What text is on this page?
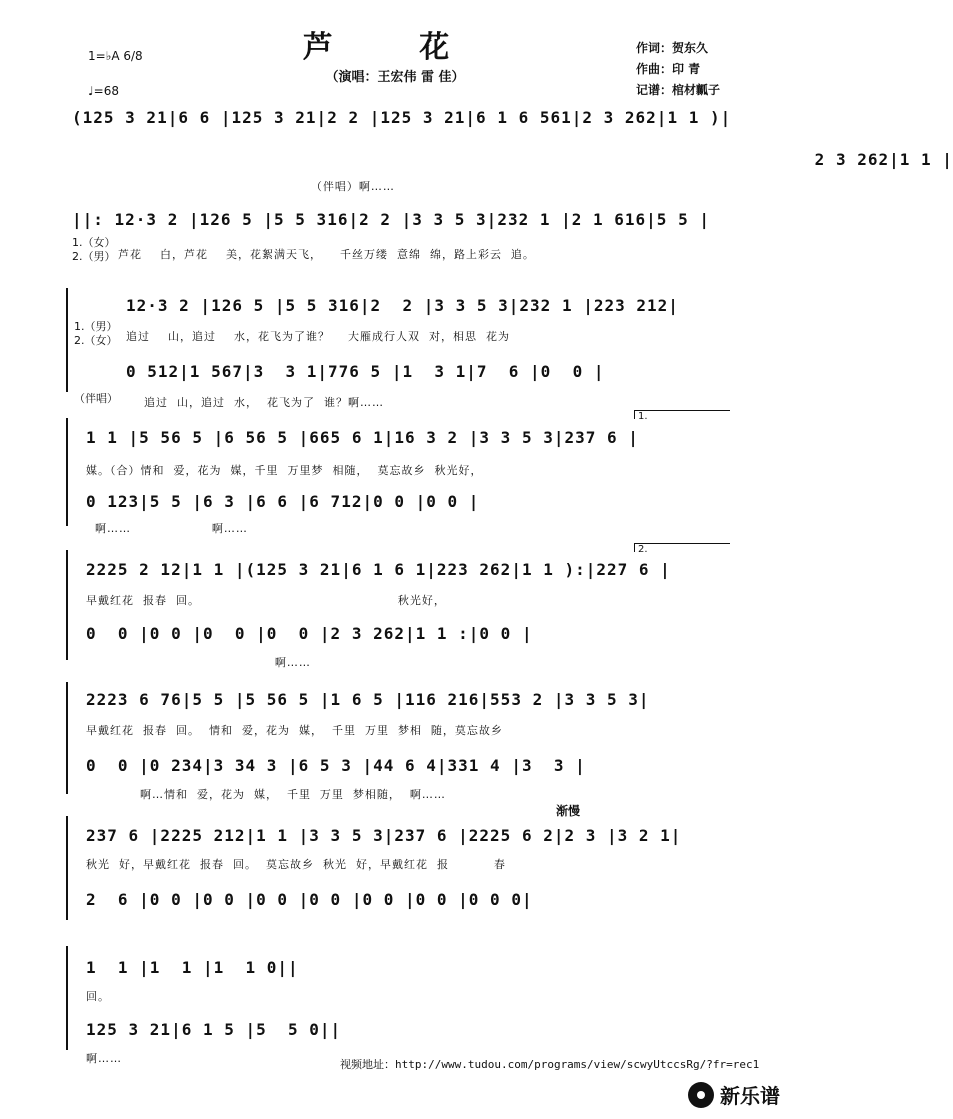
芦 花
（演唱：王宏伟 雷 佳）
作词：贺东久
作曲：印 青
记谱：棺材瓤子
1=♭A 6/8
♩=68
(125 3 21|6 6 |125 3 21|2 2 |125 3 21|6 1 6 561|2 3 262|1 1 )|
2 3 262|1 1 |
（伴唱）啊……
1.（女）
2.（男）
||: 12·3 2 |126 5 |5 5 316|2 2 |3 3 5 3|232 1 |2 1 616|5 5 |
芦花    白，芦花    美，花絮满天飞，    千丝万缕  意绵  绵，路上彩云  追。
1.（男）
2.（女）
12·3 2 |126 5 |5 5 316|2  2 |3 3 5 3|232 1 |223 212|
追过    山，追过    水，花飞为了谁？    大雁成行人双  对，相思  花为
0 512|1 567|3  3 1|776 5 |1  3 1|7  6 |0  0 |
（伴唱） 追过  山，追过  水，  花飞为了  谁？啊……
1.
1 1 |5 56 5 |6 56 5 |665 6 1|16 3 2 |3 3 5 3|237 6 |
媒。（合）情和  爱，花为  媒，千里  万里梦  相随，  莫忘故乡  秋光好，
0 123|5 5 |6 3 |6 6 |6 712|0 0 |0 0 |
啊……                  啊……
2.
2225 2 12|1 1 |(125 3 21|6 1 6 1|223 262|1 1 ):|227 6 |
早戴红花  报春  回。                                            秋光好，
0  0 |0 0 |0  0 |0  0 |2 3 262|1 1 :|0 0 |
啊……
2223 6 76|5 5 |5 56 5 |1 6 5 |116 216|553 2 |3 3 5 3|
早戴红花  报春  回。  情和  爱，花为  媒，  千里  万里  梦相  随，莫忘故乡
0  0 |0 234|3 34 3 |6 5 3 |44 6 4|331 4 |3  3 |
啊…情和  爱，花为  媒，  千里  万里  梦相随，  啊……
渐慢
237 6 |2225 212|1 1 |3 3 5 3|237 6 |2225 6 2|2 3 |3 2 1|
秋光  好，早戴红花  报春  回。  莫忘故乡  秋光  好，早戴红花  报          春
2  6 |0 0 |0 0 |0 0 |0 0 |0 0 |0 0 |0 0 0|
1  1 |1  1 |1  1 0||
回。
125 3 21|6 1 5 |5  5 0||
啊……	视频地址：http://www.tudou.com/programs/view/scwyUtccsRg/?fr=rec1
新乐谱
